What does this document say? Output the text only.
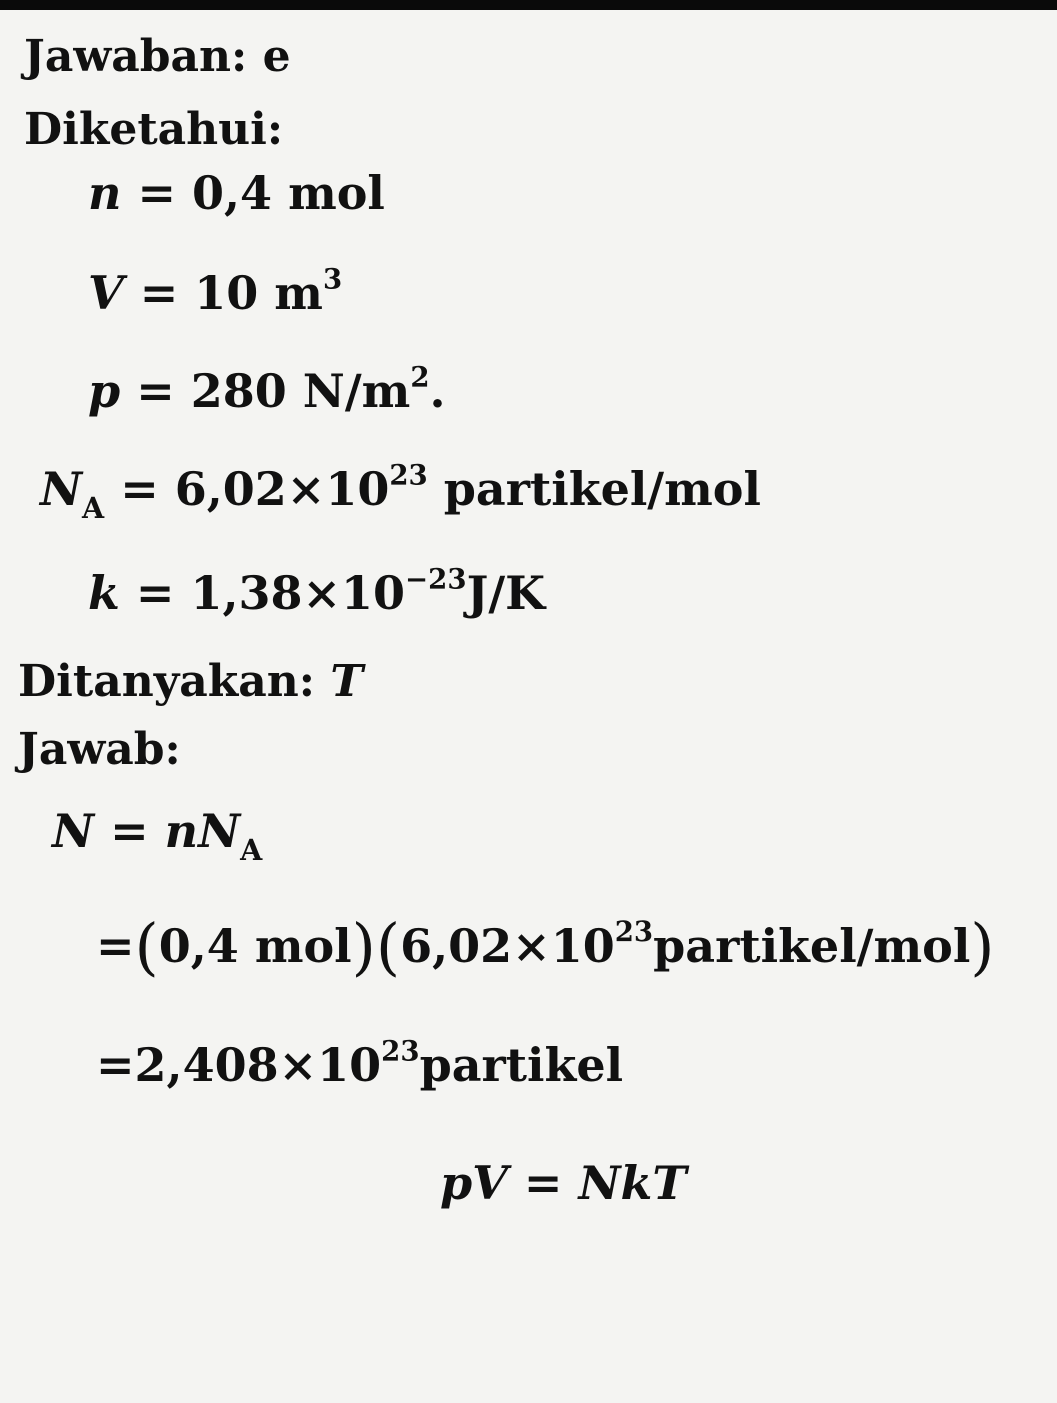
Jawaban: e
Diketahui:
n = 0,4 mol
V = 10 $m^3$
p = 280 $N/m^2$.
$N_A = 6,02\times 10^{23}$ partikel/mol
$k = 1,38\times 10^{-23}J/K$
Ditanyakan: T
Jawab:
$N = nN_A$
=(0,4 $mol)(6,02\times 10^{23}partikel/mol)$
$=2,408\times 10^{23}partikel$
pV = NkT
